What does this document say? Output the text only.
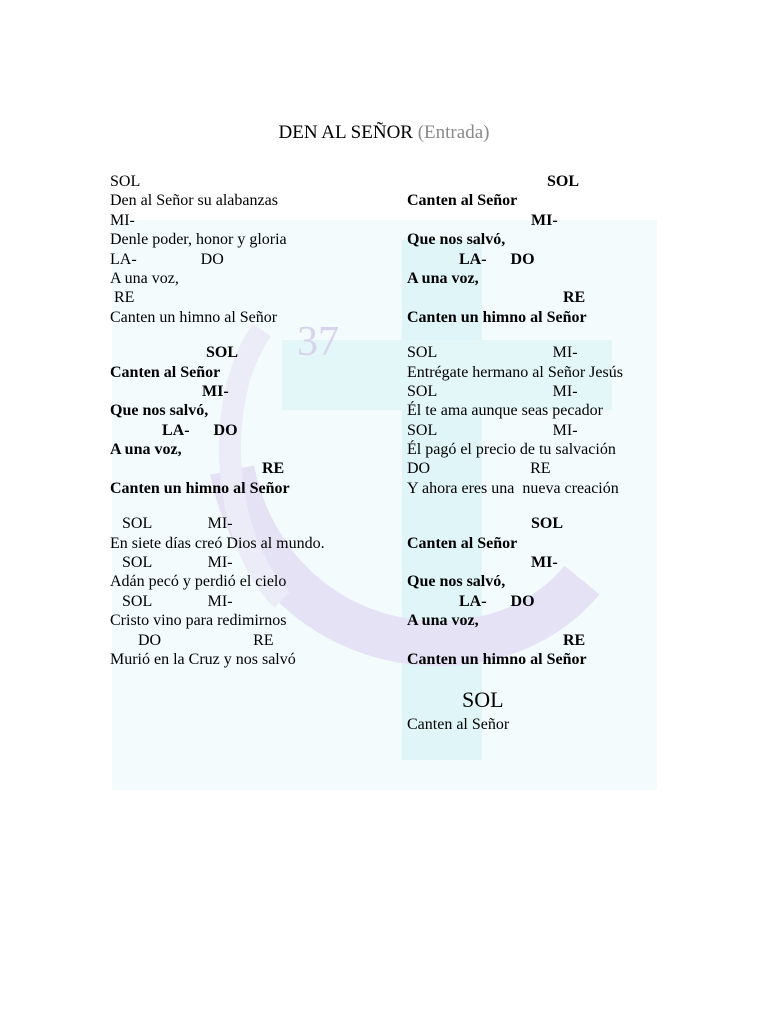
37
DEN AL SEÑOR (Entrada)
SOL
Den al Señor su alabanzas
MI-
Denle poder, honor y gloria
LA-                DO
A una voz,
RE
Canten un himno al Señor
SOL
Canten al Señor
MI-
Que nos salvó,
LA-      DO
A una voz,
RE
Canten un himno al Señor
SOL              MI-
En siete días creó Dios al mundo.
SOL              MI-
Adán pecó y perdió el cielo
SOL              MI-
Cristo vino para redimirnos
DO                       RE
Murió en la Cruz y nos salvó
SOL
Canten al Señor
MI-
Que nos salvó,
LA-      DO
A una voz,
RE
Canten un himno al Señor
SOL                             MI-
Entrégate hermano al Señor Jesús
SOL                             MI-
Él te ama aunque seas pecador
SOL                             MI-
Él pagó el precio de tu salvación
DO                         RE
Y ahora eres una  nueva creación
SOL
Canten al Señor
MI-
Que nos salvó,
LA-      DO
A una voz,
RE
Canten un himno al Señor
SOL
Canten al Señor
